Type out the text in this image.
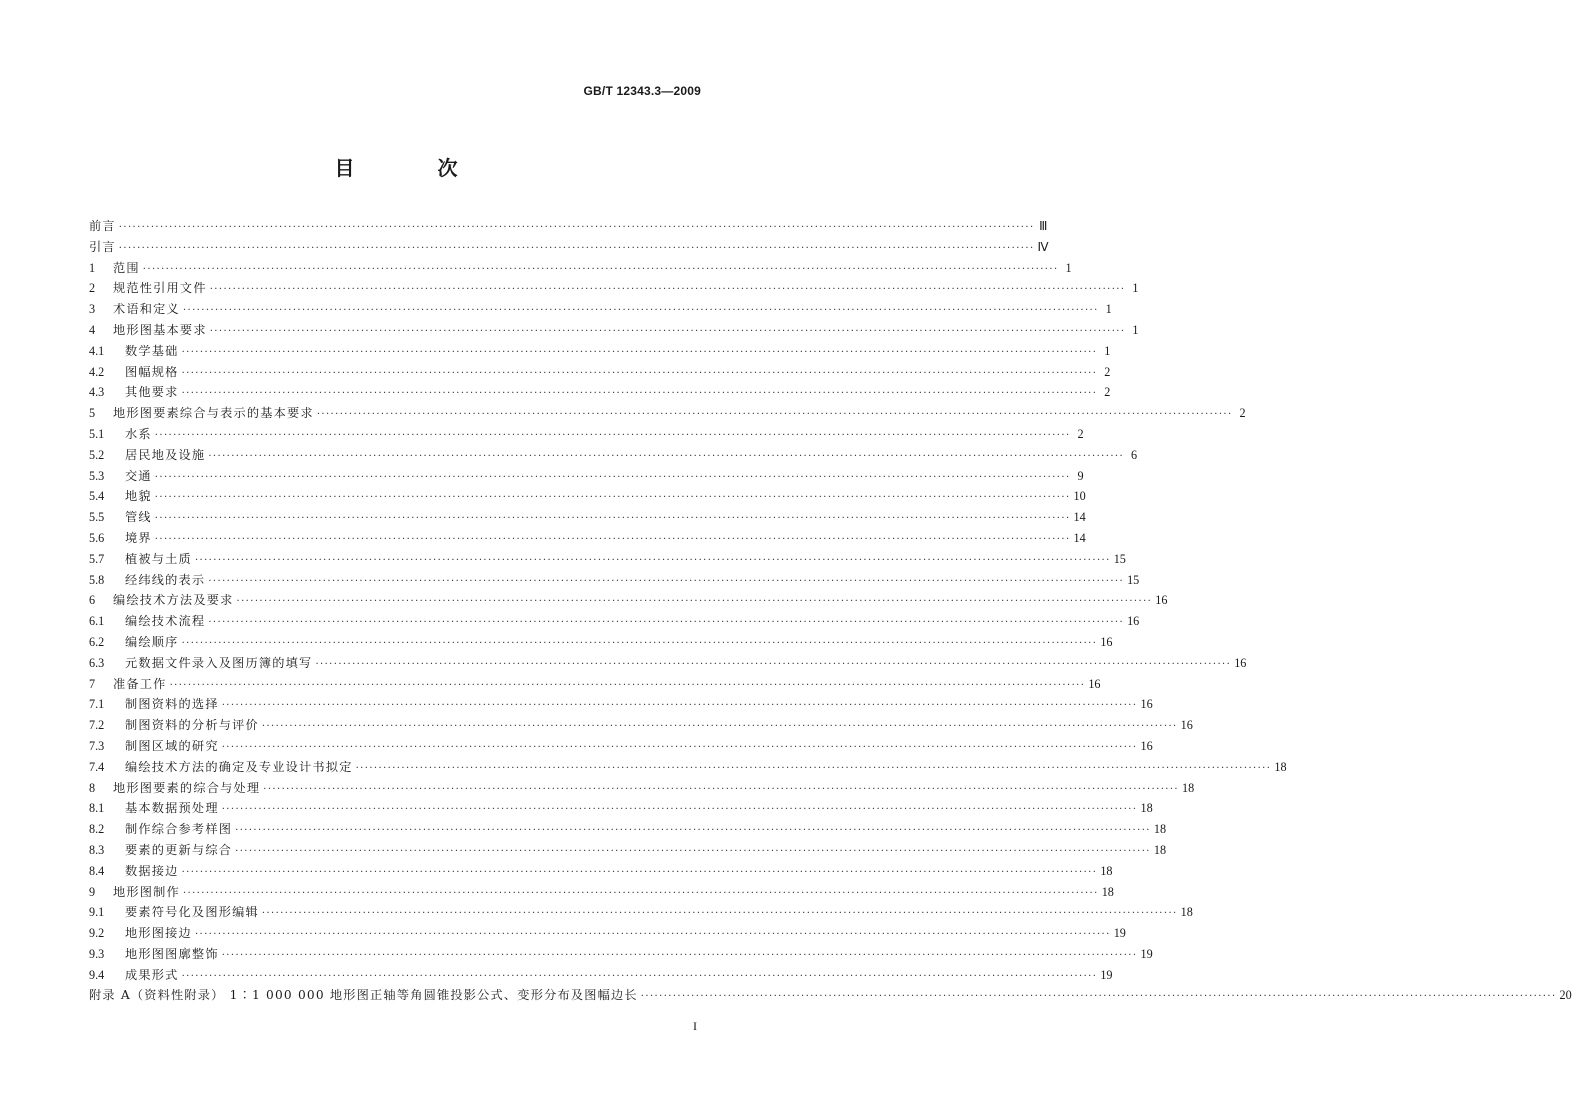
GB/T 12343.3—2009
目 次
前言 ········································································································································································································ Ⅲ
引言 ········································································································································································································ Ⅳ
1	范围 ········································································································································································································ 1
2	规范性引用文件 ········································································································································································································ 1
3	术语和定义 ········································································································································································································ 1
4	地形图基本要求 ········································································································································································································ 1
4.1	数学基础 ········································································································································································································ 1
4.2	图幅规格 ········································································································································································································ 2
4.3	其他要求 ········································································································································································································ 2
5	地形图要素综合与表示的基本要求 ········································································································································································································ 2
5.1	水系 ········································································································································································································ 2
5.2	居民地及设施 ········································································································································································································ 6
5.3	交通 ········································································································································································································ 9
5.4	地貌 ········································································································································································································ 10
5.5	管线 ········································································································································································································ 14
5.6	境界 ········································································································································································································ 14
5.7	植被与土质 ········································································································································································································ 15
5.8	经纬线的表示 ········································································································································································································ 15
6	编绘技术方法及要求 ········································································································································································································ 16
6.1	编绘技术流程 ········································································································································································································ 16
6.2	编绘顺序 ········································································································································································································ 16
6.3	元数据文件录入及图历簿的填写 ········································································································································································································ 16
7	准备工作 ········································································································································································································ 16
7.1	制图资料的选择 ········································································································································································································ 16
7.2	制图资料的分析与评价 ········································································································································································································ 16
7.3	制图区域的研究 ········································································································································································································ 16
7.4	编绘技术方法的确定及专业设计书拟定 ········································································································································································································ 18
8	地形图要素的综合与处理 ········································································································································································································ 18
8.1	基本数据预处理 ········································································································································································································ 18
8.2	制作综合参考样图 ········································································································································································································ 18
8.3	要素的更新与综合 ········································································································································································································ 18
8.4	数据接边 ········································································································································································································ 18
9	地形图制作 ········································································································································································································ 18
9.1	要素符号化及图形编辑 ········································································································································································································ 18
9.2	地形图接边 ········································································································································································································ 19
9.3	地形图图廓整饰 ········································································································································································································ 19
9.4	成果形式 ········································································································································································································ 19
附录 A（资料性附录） 1∶1 000 000 地形图正轴等角圆锥投影公式、变形分布及图幅边长 ········································································································································································································ 20
I
